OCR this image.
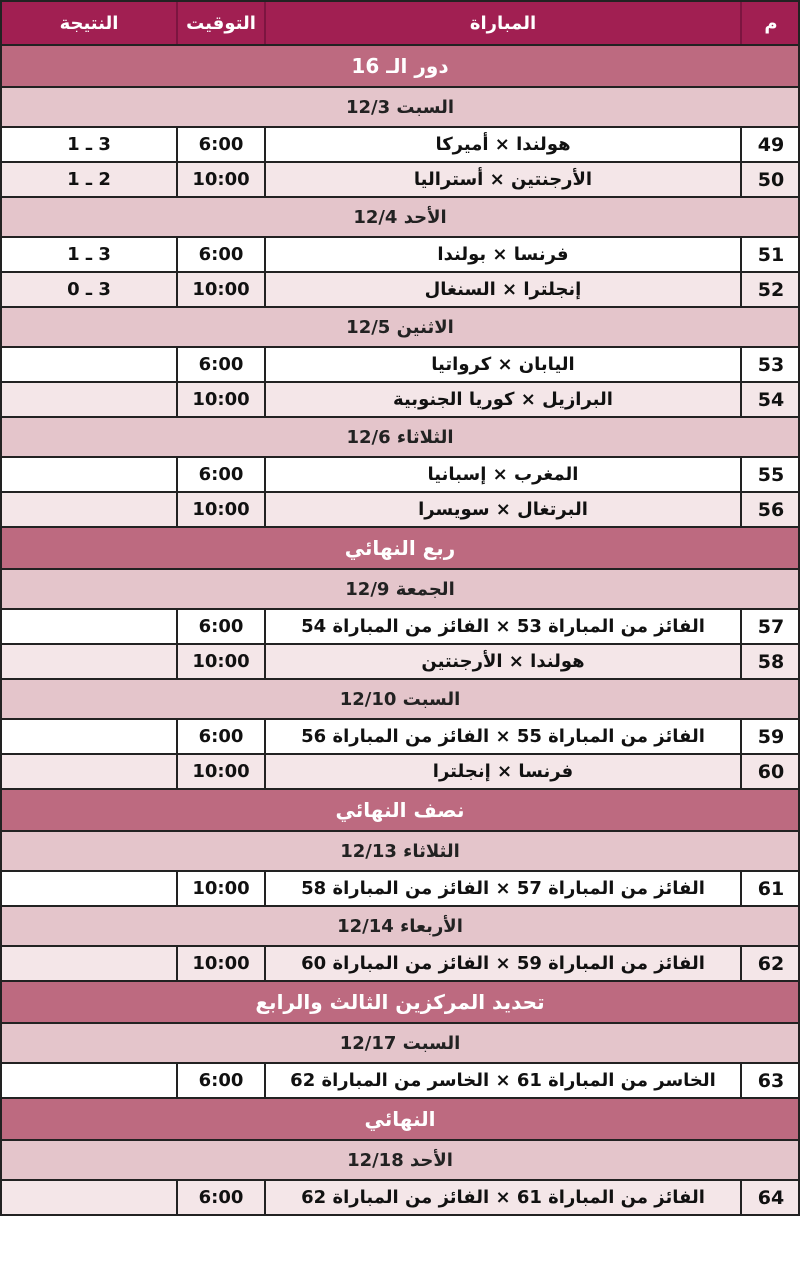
م
المباراة
التوقيت
النتيجة
دور الـ 16
السبت 12/3
49
هولندا × أميركا
6:00
3 ـ 1
50
الأرجنتين × أستراليا
10:00
2 ـ 1
الأحد 12/4
51
فرنسا × بولندا
6:00
3 ـ 1
52
إنجلترا × السنغال
10:00
3 ـ 0
الاثنين 12/5
53
اليابان × كرواتيا
6:00
54
البرازيل × كوريا الجنوبية
10:00
الثلاثاء 12/6
55
المغرب × إسبانيا
6:00
56
البرتغال × سويسرا
10:00
ربع النهائي
الجمعة 12/9
57
الفائز من المباراة 53 × الفائز من المباراة 54
6:00
58
هولندا × الأرجنتين
10:00
السبت 12/10
59
الفائز من المباراة 55 × الفائز من المباراة 56
6:00
60
فرنسا × إنجلترا
10:00
نصف النهائي
الثلاثاء 12/13
61
الفائز من المباراة 57 × الفائز من المباراة 58
10:00
الأربعاء 12/14
62
الفائز من المباراة 59 × الفائز من المباراة 60
10:00
تحديد المركزين الثالث والرابع
السبت 12/17
63
الخاسر من المباراة 61 × الخاسر من المباراة 62
6:00
النهائي
الأحد 12/18
64
الفائز من المباراة 61 × الفائز من المباراة 62
6:00
